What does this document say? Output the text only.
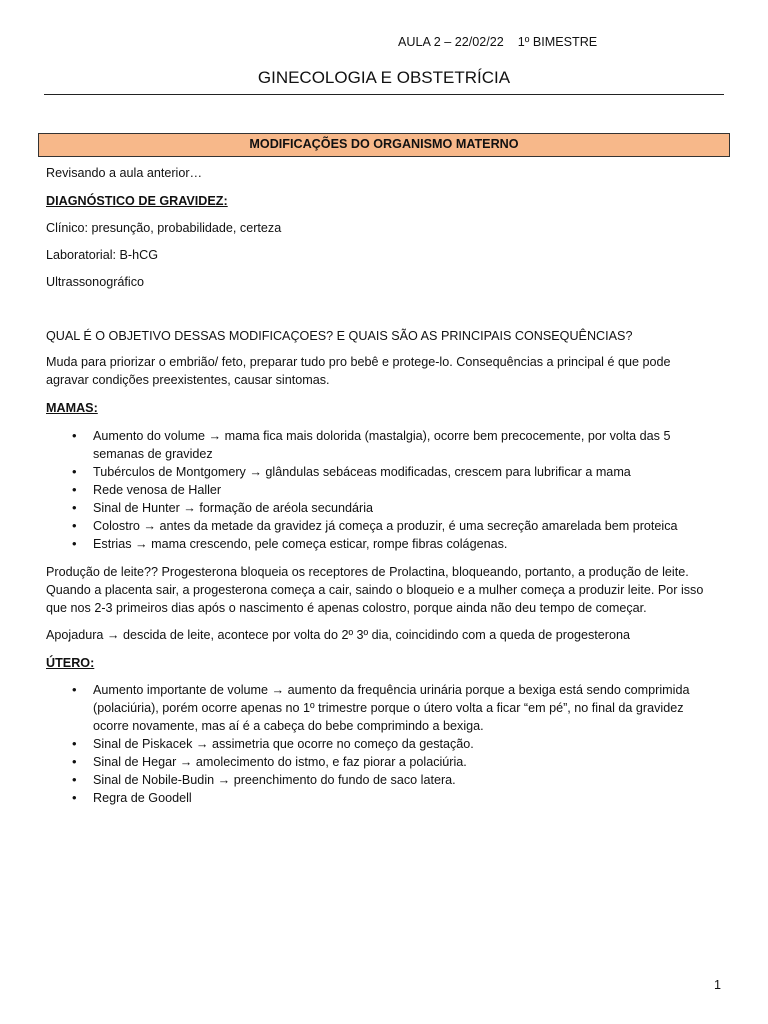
AULA 2 – 22/02/22    1º BIMESTRE
GINECOLOGIA E OBSTETRÍCIA
MODIFICAÇÕES DO ORGANISMO MATERNO

Revisando a aula anterior…

DIAGNÓSTICO DE GRAVIDEZ:

Clínico: presunção, probabilidade, certeza

Laboratorial: B-hCG

Ultrassonográfico

QUAL É O OBJETIVO DESSAS MODIFICAÇOES? E QUAIS SÃO AS PRINCIPAIS CONSEQUÊNCIAS?

Muda para priorizar o embrião/ feto, preparar tudo pro bebê e protege-lo. Consequências a principal é que pode

agravar condições preexistentes, causar sintomas.

MAMAS:

• Aumento do volume → mama fica mais dolorida (mastalgia), ocorre bem precocemente, por volta das 5
semanas de gravidez
• Tubérculos de Montgomery → glândulas sebáceas modificadas, crescem para lubrificar a mama
• Rede venosa de Haller
• Sinal de Hunter → formação de aréola secundária
• Colostro → antes da metade da gravidez já começa a produzir, é uma secreção amarelada bem proteica
• Estrias → mama crescendo, pele começa esticar, rompe fibras colágenas.

Produção de leite?? Progesterona bloqueia os receptores de Prolactina, bloqueando, portanto, a produção de leite.

Quando a placenta sair, a progesterona começa a cair, saindo o bloqueio e a mulher começa a produzir leite. Por isso

que nos 2-3 primeiros dias após o nascimento é apenas colostro, porque ainda não deu tempo de começar.

Apojadura → descida de leite, acontece por volta do 2º 3º dia, coincidindo com a queda de progesterona

ÚTERO:

• Aumento importante de volume → aumento da frequência urinária porque a bexiga está sendo comprimida
(polaciúria), porém ocorre apenas no 1º trimestre porque o útero volta a ficar “em pé”, no final da gravidez
ocorre novamente, mas aí é a cabeça do bebe comprimindo a bexiga.
• Sinal de Piskacek → assimetria que ocorre no começo da gestação.
• Sinal de Hegar → amolecimento do istmo, e faz piorar a polaciúria.
• Sinal de Nobile-Budin → preenchimento do fundo de saco latera.
• Regra de Goodell
1
